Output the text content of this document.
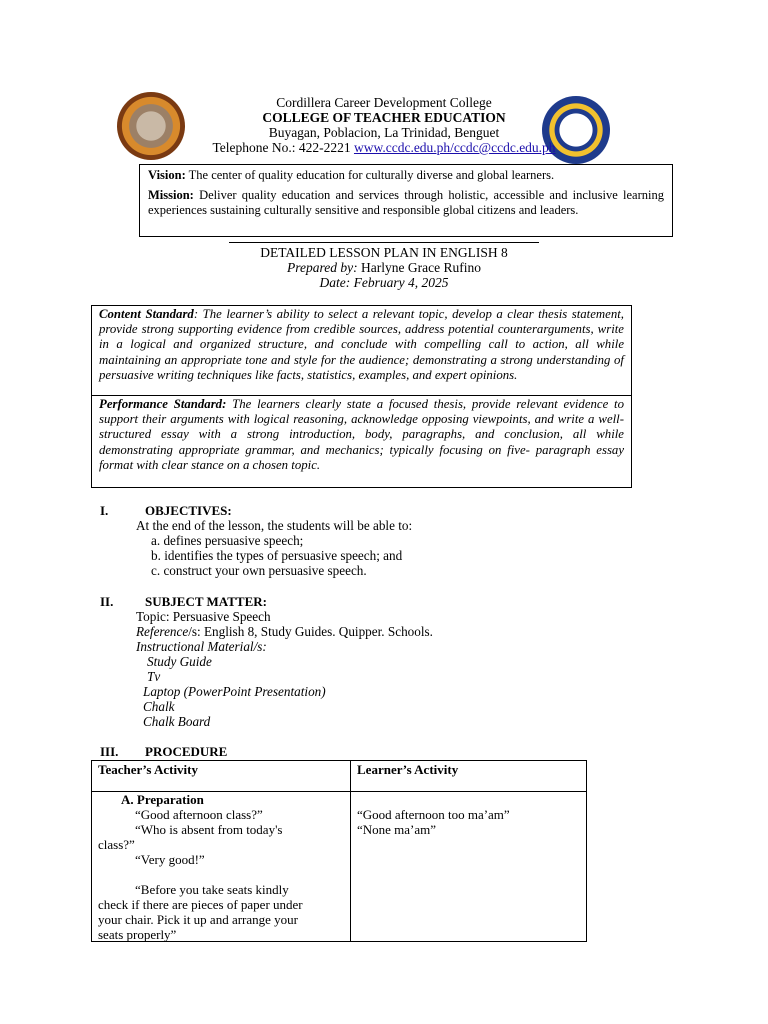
Cordillera Career Development College
COLLEGE OF TEACHER EDUCATION
Buyagan, Poblacion, La Trinidad, Benguet
Telephone No.: 422-2221 www.ccdc.edu.ph/ccdc@ccdc.edu.ph

Vision: The center of quality education for culturally diverse and global learners.

Mission: Deliver quality education and services through holistic, accessible and inclusive learning experiences sustaining culturally sensitive and responsible global citizens and leaders.

DETAILED LESSON PLAN IN ENGLISH 8
Prepared by: Harlyne Grace Rufino
Date: February 4, 2025
Content Standard: The learner’s ability to select a relevant topic, develop a clear thesis statement, provide strong supporting evidence from credible sources, address potential counterarguments, write in a logical and organized structure, and conclude with compelling call to action, all while maintaining an appropriate tone and style for the audience; demonstrating a strong understanding of persuasive writing techniques like facts, statistics, examples, and expert opinions.
Performance Standard: The learners clearly state a focused thesis, provide relevant evidence to support their arguments with logical reasoning, acknowledge opposing viewpoints, and write a well-structured essay with a strong introduction, body, paragraphs, and conclusion, all while demonstrating appropriate grammar, and mechanics; typically focusing on five- paragraph essay format with clear stance on a chosen topic.
I.	OBJECTIVES:
At the end of the lesson, the students will be able to:
a. defines persuasive speech;
b. identifies the types of persuasive speech; and
c. construct your own persuasive speech.
II. SUBJECT MATTER:
Topic: Persuasive Speech
Reference/s: English 8, Study Guides. Quipper. Schools.
Instructional Material/s:
Study Guide
Tv
Laptop (PowerPoint Presentation)
Chalk
Chalk Board
III. PROCEDURE
Teacher’s Activity	Learner’s Activity
A. Preparation
“Good afternoon class?”
“Who is absent from today's
class?”
“Very good!”
“Before you take seats kindly
check if there are pieces of paper under
your chair. Pick it up and arrange your
seats properly”
“Good afternoon too ma’am”
“None ma’am”
